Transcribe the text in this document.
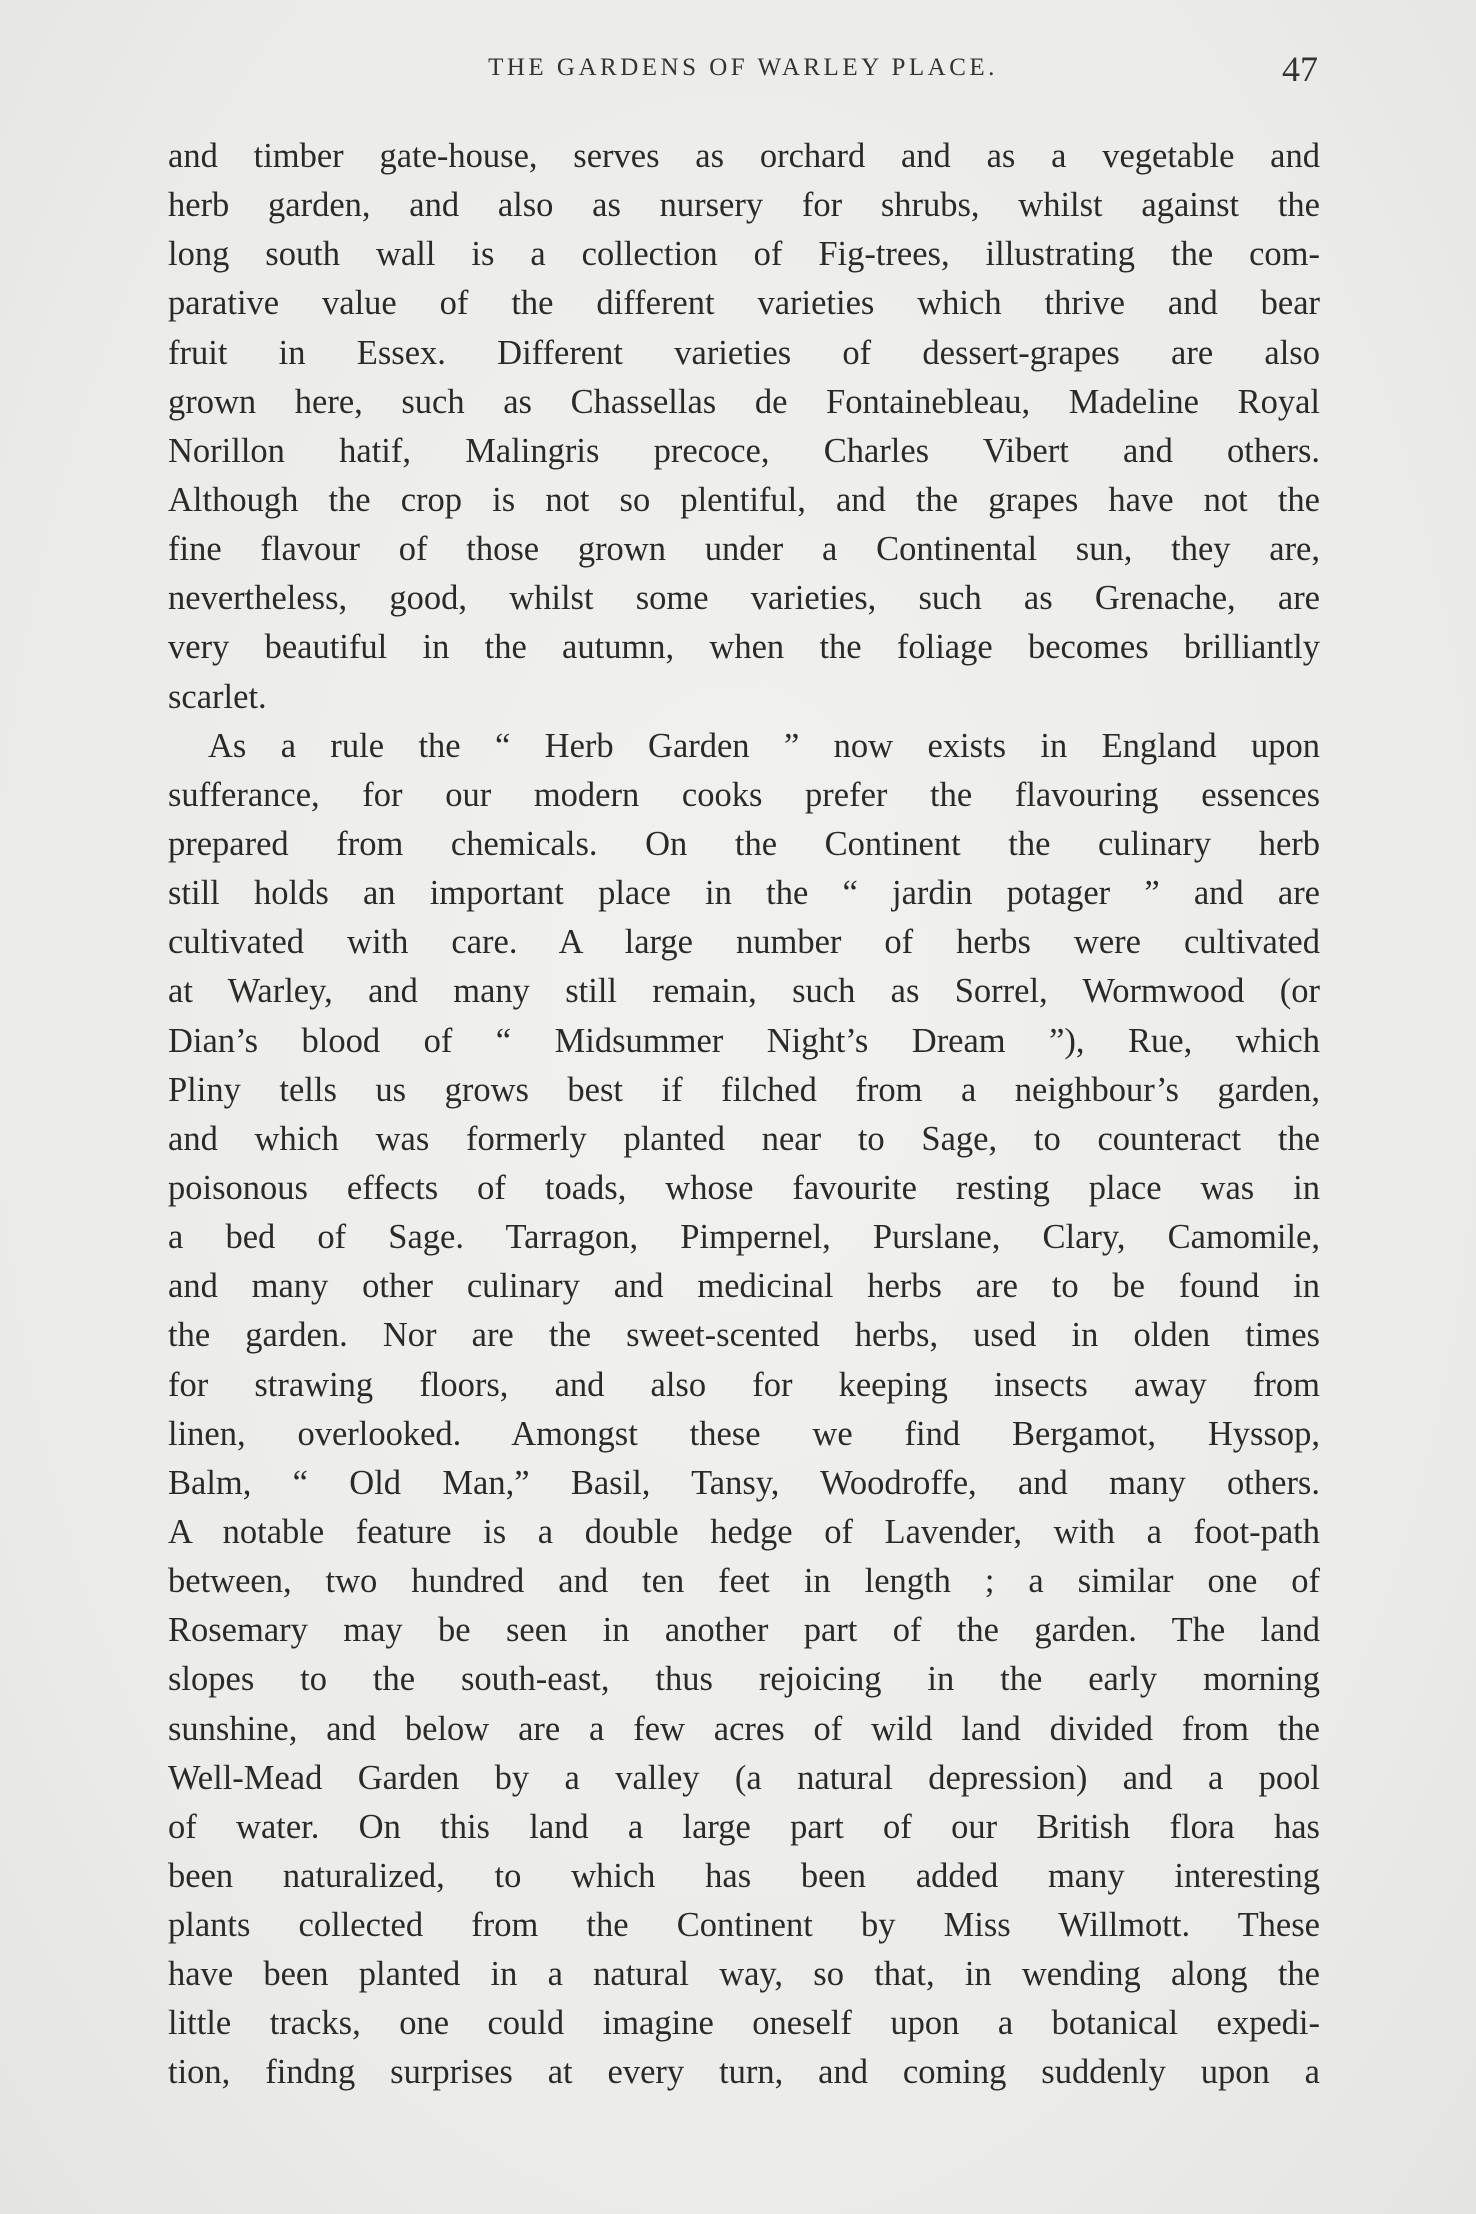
THE GARDENS OF WARLEY PLACE.	47
and timber gate-house, serves as orchard and as a vegetable and
herb garden, and also as nursery for shrubs, whilst against the
long south wall is a collection of Fig-trees, illustrating the com-
parative value of the different varieties which thrive and bear
fruit in Essex. Different varieties of dessert-grapes are also
grown here, such as Chassellas de Fontainebleau, Madeline Royal
Norillon hatif, Malingris precoce, Charles Vibert and others.
Although the crop is not so plentiful, and the grapes have not the
fine flavour of those grown under a Continental sun, they are,
nevertheless, good, whilst some varieties, such as Grenache, are
very beautiful in the autumn, when the foliage becomes brilliantly
scarlet.
As a rule the “ Herb Garden ” now exists in England upon
sufferance, for our modern cooks prefer the flavouring essences
prepared from chemicals. On the Continent the culinary herb
still holds an important place in the “ jardin potager ” and are
cultivated with care. A large number of herbs were cultivated
at Warley, and many still remain, such as Sorrel, Wormwood (or
Dian’s blood of “ Midsummer Night’s Dream ”), Rue, which
Pliny tells us grows best if filched from a neighbour’s garden,
and which was formerly planted near to Sage, to counteract the
poisonous effects of toads, whose favourite resting place was in
a bed of Sage. Tarragon, Pimpernel, Purslane, Clary, Camomile,
and many other culinary and medicinal herbs are to be found in
the garden. Nor are the sweet-scented herbs, used in olden times
for strawing floors, and also for keeping insects away from
linen, overlooked. Amongst these we find Bergamot, Hyssop,
Balm, “ Old Man,” Basil, Tansy, Woodroffe, and many others.
A notable feature is a double hedge of Lavender, with a foot-path
between, two hundred and ten feet in length ; a similar one of
Rosemary may be seen in another part of the garden. The land
slopes to the south-east, thus rejoicing in the early morning
sunshine, and below are a few acres of wild land divided from the
Well-Mead Garden by a valley (a natural depression) and a pool
of water. On this land a large part of our British flora has
been naturalized, to which has been added many interesting
plants collected from the Continent by Miss Willmott. These
have been planted in a natural way, so that, in wending along the
little tracks, one could imagine oneself upon a botanical expedi-
tion, findng surprises at every turn, and coming suddenly upon a
